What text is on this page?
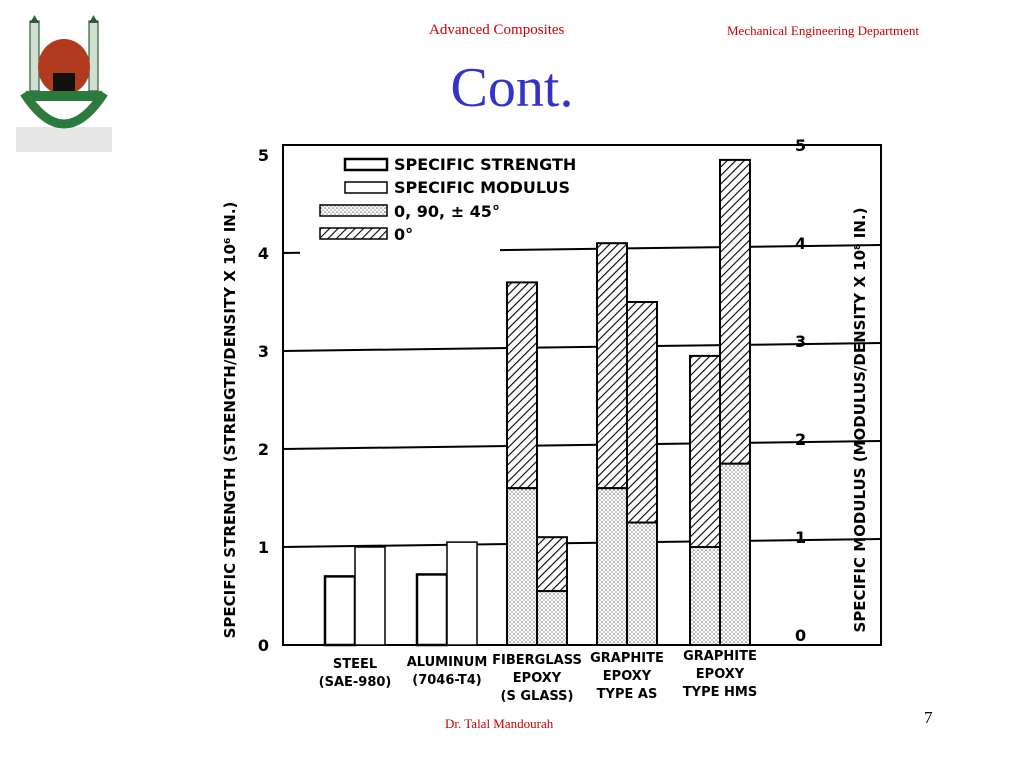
Advanced Composites	Mechanical Engineering Department
Cont.
0
1
2
3
4
5
0
1
2
3
4
5
STEEL
(SAE-980)
ALUMINUM
(7046-T4)
FIBERGLASS
EPOXY
(S GLASS)
GRAPHITE
EPOXY
TYPE AS
GRAPHITE
EPOXY
TYPE HMS
SPECIFIC STRENGTH
SPECIFIC MODULUS
0, 90, ± 45°
0°
SPECIFIC STRENGTH (STRENGTH/DENSITY X 10⁶ IN.)	SPECIFIC MODULUS (MODULUS/DENSITY X 10⁸ IN.)
Dr. Talal Mandourah	7
